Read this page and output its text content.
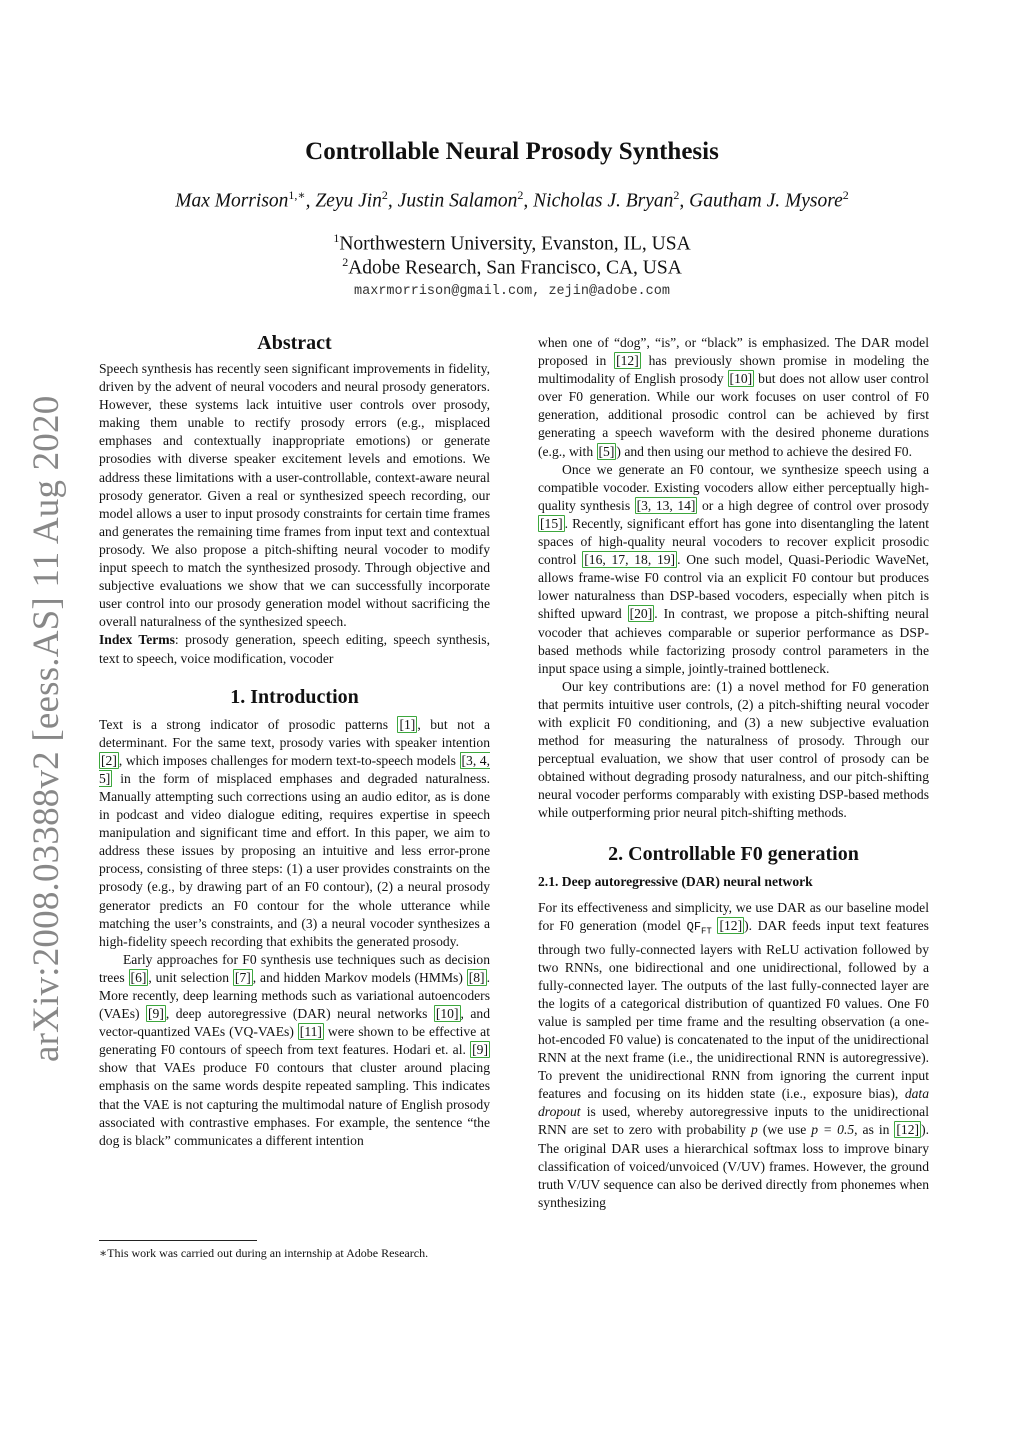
arXiv:2008.03388v2 [eess.AS] 11 Aug 2020
Controllable Neural Prosody Synthesis
Max Morrison$^{1,∗}$, Zeyu Jin$^2$, Justin Salamon$^2$, Nicholas J. Bryan$^2$, Gautham J. Mysore$^2$
$^1$Northwestern University, Evanston, IL, USA
$^2$Adobe Research, San Francisco, CA, USA
maxrmorrison@gmail.com, zejin@adobe.com
Abstract

Speech synthesis has recently seen significant improvements in fidelity, driven by the advent of neural vocoders and neural prosody generators. However, these systems lack intuitive user controls over prosody, making them unable to rectify prosody errors (e.g., misplaced emphases and contextually inappropriate emotions) or generate prosodies with diverse speaker excitement levels and emotions. We address these limitations with a user-controllable, context-aware neural prosody generator. Given a real or synthesized speech recording, our model allows a user to input prosody constraints for certain time frames and generates the remaining time frames from input text and contextual prosody. We also propose a pitch-shifting neural vocoder to modify input speech to match the synthesized prosody. Through objective and subjective evaluations we show that we can successfully incorporate user control into our prosody generation model without sacrificing the overall naturalness of the synthesized speech.

Index Terms: prosody generation, speech editing, speech synthesis, text to speech, voice modification, vocoder

1. Introduction

Text is a strong indicator of prosodic patterns [1] , but not a determinant. For the same text, prosody varies with speaker intention [2] , which imposes challenges for modern text-to-speech models [3, 4, 5] in the form of misplaced emphases and degraded naturalness. Manually attempting such corrections using an audio editor, as is done in podcast and video dialogue editing, requires expertise in speech manipulation and significant time and effort. In this paper, we aim to address these issues by proposing an intuitive and less error-prone process, consisting of three steps: (1) a user provides constraints on the prosody (e.g., by drawing part of an F0 contour), (2) a neural prosody generator predicts an F0 contour for the whole utterance while matching the user’s constraints, and (3) a neural vocoder synthesizes a high-fidelity speech recording that exhibits the generated prosody.

Early approaches for F0 synthesis use techniques such as decision trees [6] , unit selection [7] , and hidden Markov models (HMMs) [8] . More recently, deep learning methods such as variational autoencoders (VAEs) [9] , deep autoregressive (DAR) neural networks [10] , and vector-quantized VAEs (VQ-VAEs) [11] were shown to be effective at generating F0 contours of speech from text features. Hodari et. al. [9] show that VAEs produce F0 contours that cluster around placing emphasis on the same words despite repeated sampling. This indicates that the VAE is not capturing the multimodal nature of English prosody associated with contrastive emphases. For example, the sentence “the dog is black” communicates a different intention

∗This work was carried out during an internship at Adobe Research.

when one of “dog”, “is”, or “black” is emphasized. The DAR model proposed in [12] has previously shown promise in modeling the multimodality of English prosody [10] but does not allow user control over F0 generation. While our work focuses on user control of F0 generation, additional prosodic control can be achieved by first generating a speech waveform with the desired phoneme durations (e.g., with [5] ) and then using our method to achieve the desired F0.

Once we generate an F0 contour, we synthesize speech using a compatible vocoder. Existing vocoders allow either perceptually high-quality synthesis [3, 13, 14] or a high degree of control over prosody [15] . Recently, significant effort has gone into disentangling the latent spaces of high-quality neural vocoders to recover explicit prosodic control [16, 17, 18, 19] . One such model, Quasi-Periodic WaveNet, allows frame-wise F0 control via an explicit F0 contour but produces lower naturalness than DSP-based vocoders, especially when pitch is shifted upward [20] . In contrast, we propose a pitch-shifting neural vocoder that achieves comparable or superior performance as DSP-based methods while factorizing prosody control parameters in the input space using a simple, jointly-trained bottleneck.

Our key contributions are: (1) a novel method for F0 generation that permits intuitive user controls, (2) a pitch-shifting neural vocoder with explicit F0 conditioning, and (3) a new subjective evaluation method for measuring the naturalness of prosody. Through our perceptual evaluation, we show that user control of prosody can be obtained without degrading prosody naturalness, and our pitch-shifting neural vocoder performs comparably with existing DSP-based methods while outperforming prior neural pitch-shifting methods.

2. Controllable F0 generation
2.1. Deep autoregressive (DAR) neural network

For its effectiveness and simplicity, we use DAR as our baseline model for F0 generation (model $QF_{FT}$ [12] ). DAR feeds input text features through two fully-connected layers with ReLU activation followed by two RNNs, one bidirectional and one unidirectional, followed by a fully-connected layer. The outputs of the last fully-connected layer are the logits of a categorical distribution of quantized F0 values. One F0 value is sampled per time frame and the resulting observation (a one-hot-encoded F0 value) is concatenated to the input of the unidirectional RNN at the next frame (i.e., the unidirectional RNN is autoregressive). To prevent the unidirectional RNN from ignoring the current input features and focusing on its hidden state (i.e., exposure bias), data dropout is used, whereby autoregressive inputs to the unidirectional RNN are set to zero with probability p (we use p = 0.5, as in [12] ). The original DAR uses a hierarchical softmax loss to improve binary classification of voiced/unvoiced (V/UV) frames. However, the ground truth V/UV sequence can also be derived directly from phonemes when synthesizing
